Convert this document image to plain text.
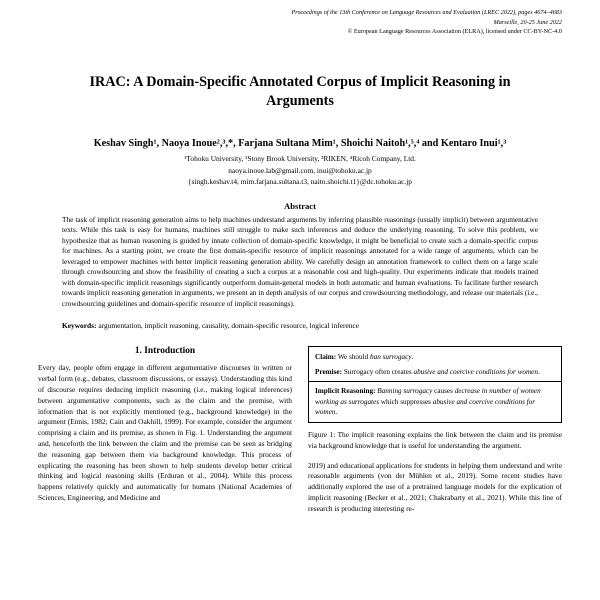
Proceedings of the 13th Conference on Language Resources and Evaluation (LREC 2022), pages 4674–4683
Marseille, 20-25 June 2022
© European Language Resources Association (ELRA), licensed under CC-BY-NC-4.0
IRAC: A Domain-Specific Annotated Corpus of Implicit Reasoning in Arguments
Keshav Singh¹, Naoya Inoue²,³,*, Farjana Sultana Mim¹, Shoichi Naitoh¹,⁵,⁴ and Kentaro Inui¹,³
¹Tohoku University, ²Stony Brook University, ³RIKEN, ⁴Ricoh Company, Ltd.
naoya.inoue.lab@gmail.com, inui@tohoku.ac.jp
{singh.keshav.t4, mim.farjana.sultana.t3, naito.shoichi.t1}@dc.tohoku.ac.jp
Abstract
The task of implicit reasoning generation aims to help machines understand arguments by inferring plausible reasonings (usually implicit) between argumentative texts. While this task is easy for humans, machines still struggle to make such inferences and deduce the underlying reasoning. To solve this problem, we hypothesize that as human reasoning is guided by innate collection of domain-specific knowledge, it might be beneficial to create such a domain-specific corpus for machines. As a starting point, we create the first domain-specific resource of implicit reasonings annotated for a wide range of arguments, which can be leveraged to empower machines with better implicit reasoning generation ability. We carefully design an annotation framework to collect them on a large scale through crowdsourcing and show the feasibility of creating a such a corpus at a reasonable cost and high-quality. Our experiments indicate that models trained with domain-specific implicit reasonings significantly outperform domain-general models in both automatic and human evaluations. To facilitate further research towards implicit reasoning generation in arguments, we present an in depth analysis of our corpus and crowdsourcing methodology, and release our materials (i.e., crowdsourcing guidelines and domain-specific resource of implicit reasonings).
Keywords: argumentation, implicit reasoning, causality, domain-specific resource, logical inference
1. Introduction

Every day, people often engage in different argumentative discourses in written or verbal form (e.g., debates, classroom discussions, or essays). Understanding this kind of discourse requires deducing implicit reasoning (i.e., making logical inferences) between argumentative components, such as the claim and the premise, with information that is not explicitly mentioned (e.g., background knowledge) in the argument (Ennis, 1982; Cain and Oakhill, 1999). For example, consider the argument comprising a claim and its premise, as shown in Fig. 1. Understanding the argument and, henceforth the link between the claim and the premise can be seen as bridging the reasoning gap between them via background knowledge. This process of explicating the reasoning has been shown to help students develop better critical thinking and logical reasoning skills (Erduran et al., 2004). While this process happens relatively quickly and automatically for humans (National Academies of Sciences, Engineering, and Medicine and

Claim: We should ban surrogacy.
Premise: Surrogacy often creates abusive and coercive conditions for women.
Implicit Reasoning: Banning surrogacy causes decrease in number of women working as surrogates which suppresses abusive and coercive conditions for women.
Figure 1: The implicit reasoning explains the link between the claim and its premise via background knowledge that is useful for understanding the argument.

2019) and educational applications for students in helping them understand and write reasonable arguments (von der Mühlen et al., 2019). Some recent studies have additionally explored the use of a pretrained language models for the explication of implicit reasoning (Becker et al., 2021; Chakrabarty et al., 2021). While this line of research is producing interesting re-
